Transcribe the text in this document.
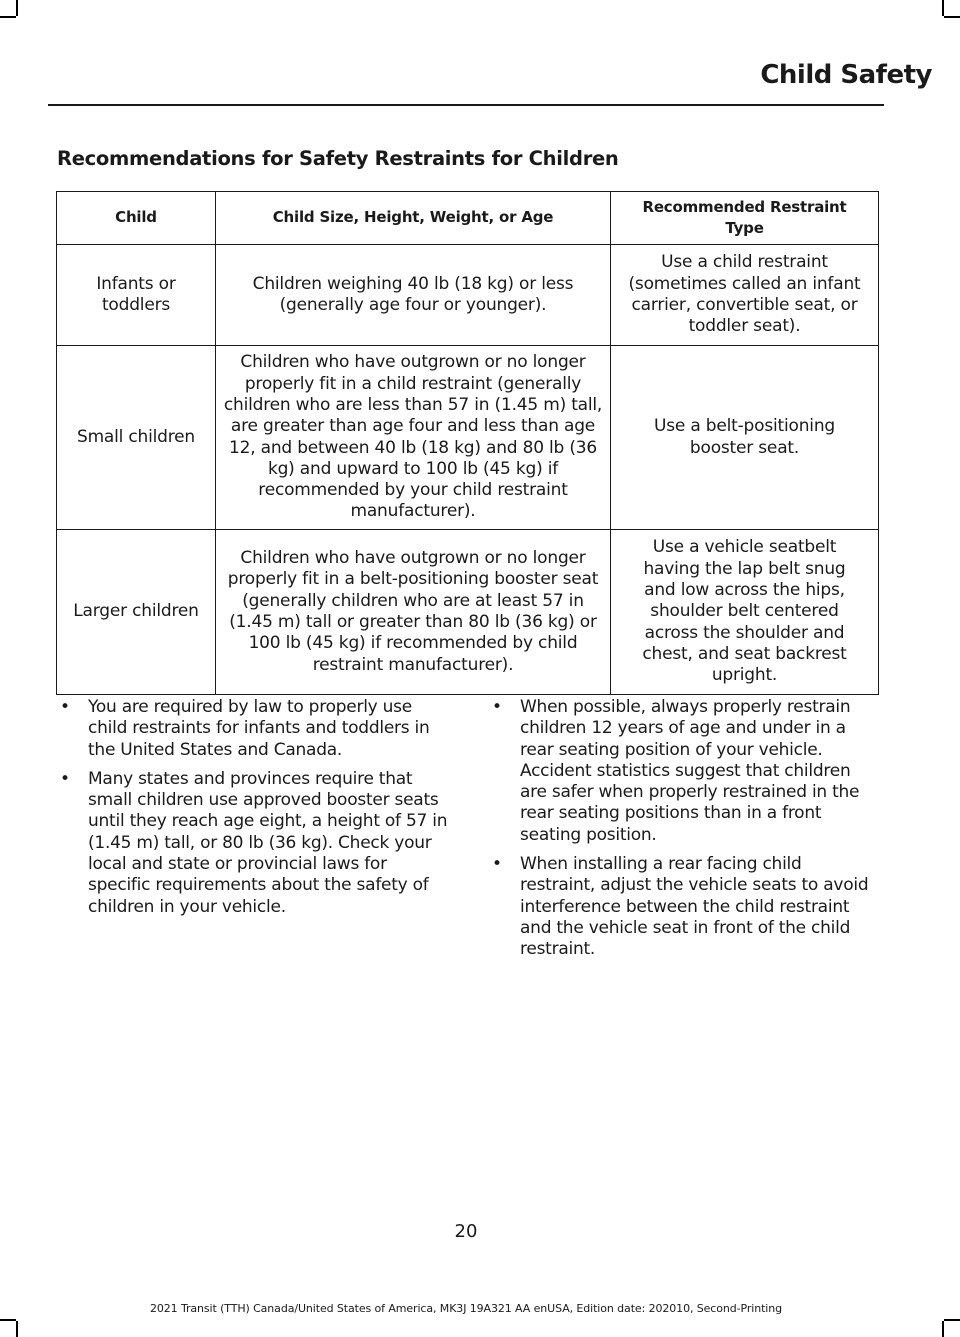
Child Safety
Recommendations for Safety Restraints for Children
Child	Child Size, Height, Weight, or Age	Recommended Restraint Type
Infants or toddlers	Children weighing 40 lb (18 kg) or less (generally age four or younger).	Use a child restraint (sometimes called an infant carrier, convertible seat, or toddler seat).
Small children	Children who have outgrown or no longer properly fit in a child restraint (generally children who are less than 57 in (1.45 m) tall, are greater than age four and less than age 12, and between 40 lb (18 kg) and 80 lb (36 kg) and upward to 100 lb (45 kg) if recommended by your child restraint manufacturer).	Use a belt-positioning booster seat.
Larger children	Children who have outgrown or no longer properly fit in a belt-positioning booster seat (generally children who are at least 57 in (1.45 m) tall or greater than 80 lb (36 kg) or 100 lb (45 kg) if recommended by child restraint manufacturer).	Use a vehicle seatbelt having the lap belt snug and low across the hips, shoulder belt centered across the shoulder and chest, and seat backrest upright.
• You are required by law to properly use child restraints for infants and toddlers in the United States and Canada.
• Many states and provinces require that small children use approved booster seats until they reach age eight, a height of 57 in (1.45 m) tall, or 80 lb (36 kg). Check your local and state or provincial laws for specific requirements about the safety of children in your vehicle.
• When possible, always properly restrain children 12 years of age and under in a rear seating position of your vehicle. Accident statistics suggest that children are safer when properly restrained in the rear seating positions than in a front seating position.
• When installing a rear facing child restraint, adjust the vehicle seats to avoid interference between the child restraint and the vehicle seat in front of the child restraint.
20
2021 Transit (TTH) Canada/United States of America, MK3J 19A321 AA enUSA, Edition date: 202010, Second-Printing
